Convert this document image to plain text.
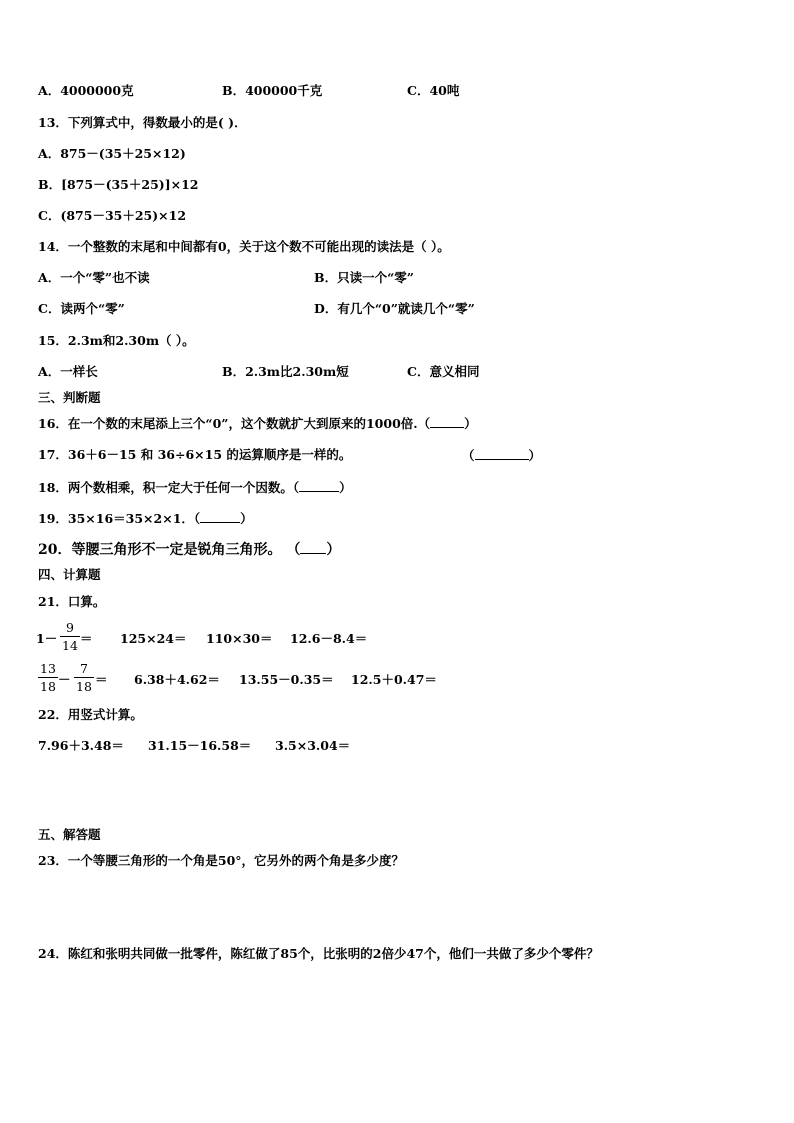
A．4000000克	B．400000千克	C．40吨
13．下列算式中，得数最小的是( )．
A．875－(35＋25×12)
B．[875－(35＋25)]×12
C．(875－35＋25)×12
14．一个整数的末尾和中间都有0，关于这个数不可能出现的读法是（ ）。
A．一个“零”也不读	B．只读一个“零”
C．读两个“零”	D．有几个“0”就读几个“零”
15．2.3m和2.30m（ ）。
A．一样长	B．2.3m比2.30m短	C．意义相同
三、判断题
16．在一个数的末尾添上三个“0”，这个数就扩大到原来的1000倍.（	）
17．36＋6－15 和 36÷6×15 的运算顺序是一样的。	（	）
18．两个数相乘，积一定大于任何一个因数。（	）
19．35×16＝35×2×1．（	）
20．等腰三角形不一定是锐角三角形。 （ ）
四、计算题
21．口算。
$1- \frac{9}{14} = 125\times 24= 110\times 30= 12.6-8.4=$
$\frac{13}{18} - \frac{7}{18} = 6.38+4.62= 13.55-0.35= 12.5+0.47=$
22．用竖式计算。
7.96＋3.48＝ 31.15－16.58＝ 3.5×3.04＝
五、解答题
23．一个等腰三角形的一个角是50°，它另外的两个角是多少度？
24．陈红和张明共同做一批零件，陈红做了85个，比张明的2倍少47个，他们一共做了多少个零件？
